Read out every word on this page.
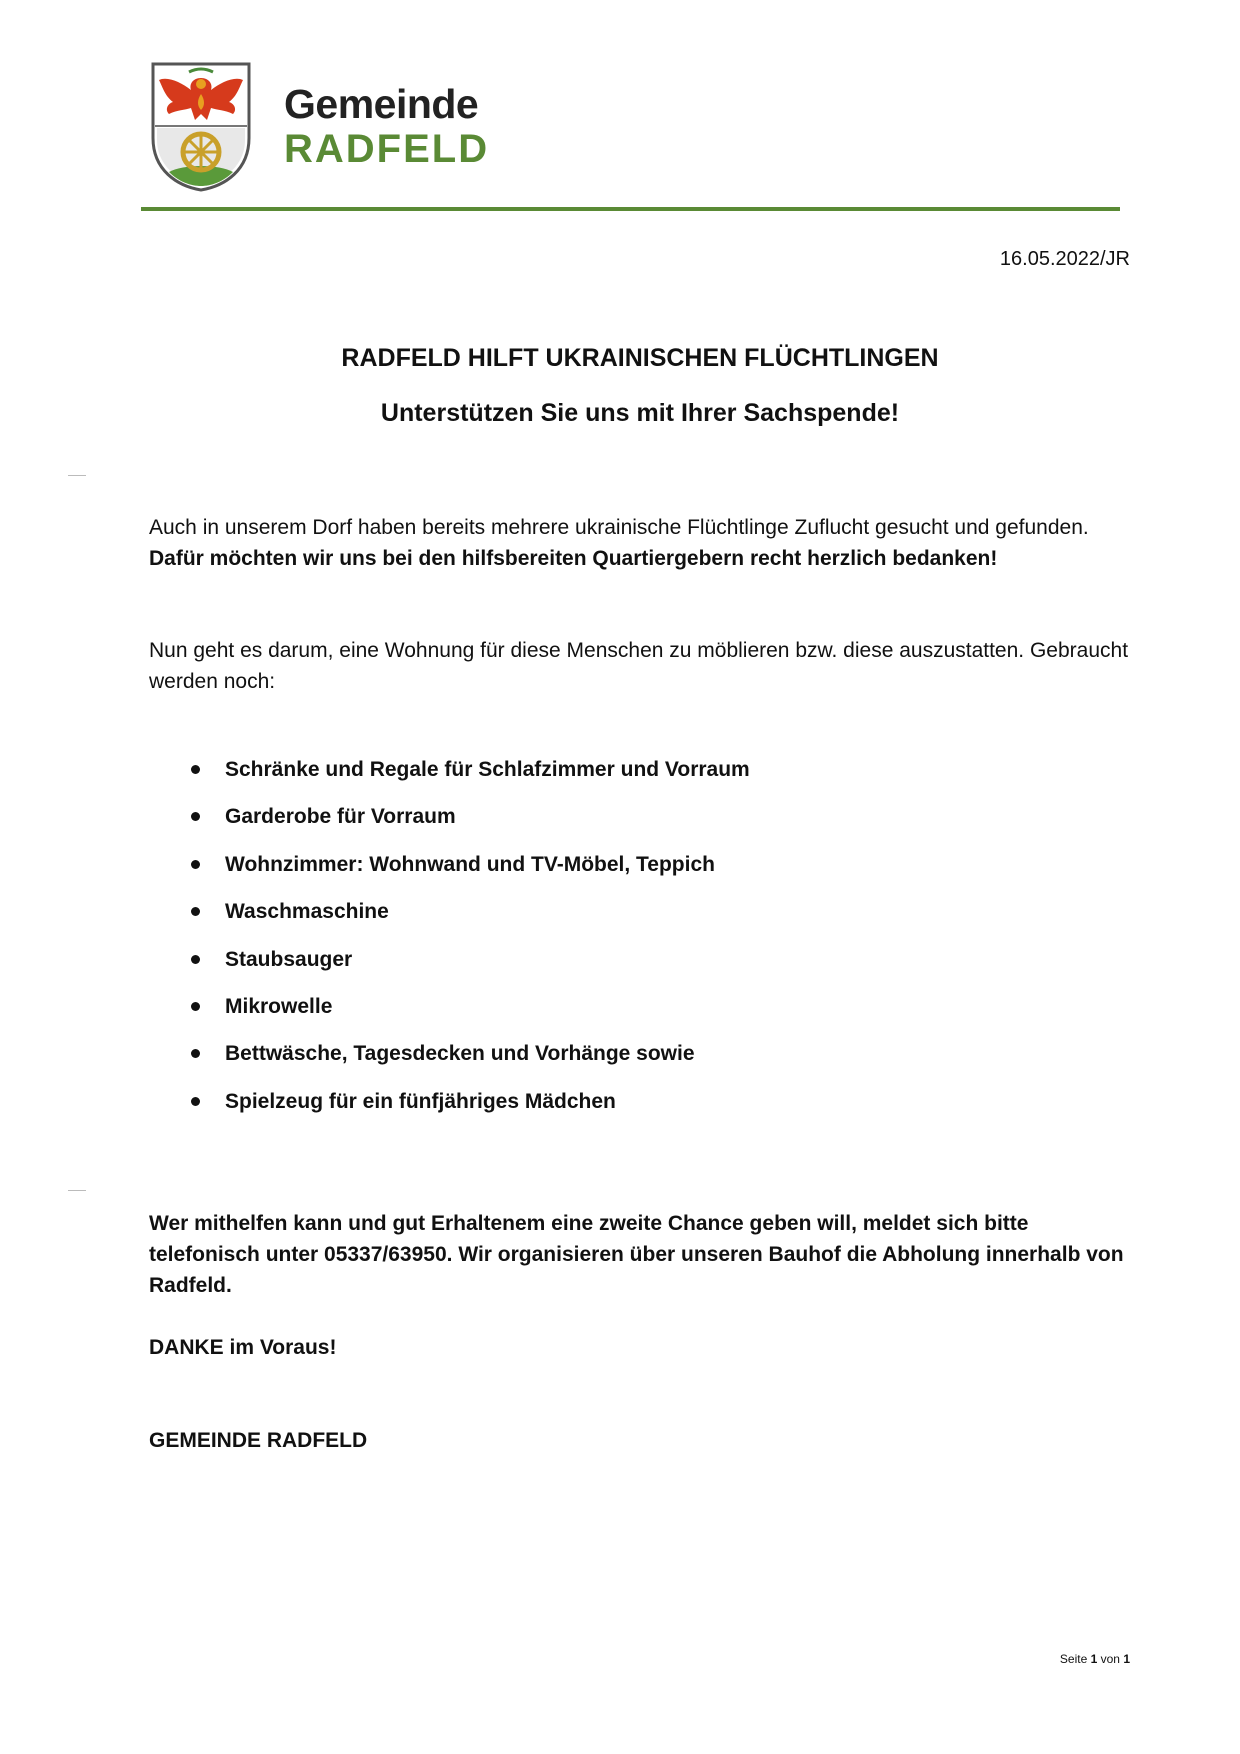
Gemeinde
RADFELD
16.05.2022/JR
RADFELD HILFT UKRAINISCHEN FLÜCHTLINGEN
Unterstützen Sie uns mit Ihrer Sachspende!

Auch in unserem Dorf haben bereits mehrere ukrainische Flüchtlinge Zuflucht gesucht und gefunden. Dafür möchten wir uns bei den hilfsbereiten Quartiergebern recht herzlich bedanken!

Nun geht es darum, eine Wohnung für diese Menschen zu möblieren bzw. diese auszustatten. Gebraucht werden noch:

Schränke und Regale für Schlafzimmer und Vorraum
Garderobe für Vorraum
Wohnzimmer: Wohnwand und TV-Möbel, Teppich
Waschmaschine
Staubsauger
Mikrowelle
Bettwäsche, Tagesdecken und Vorhänge sowie
Spielzeug für ein fünfjähriges Mädchen

Wer mithelfen kann und gut Erhaltenem eine zweite Chance geben will, meldet sich bitte telefonisch unter 05337/63950. Wir organisieren über unseren Bauhof die Abholung innerhalb von Radfeld.

DANKE im Voraus!

GEMEINDE RADFELD

Seite 1 von 1
